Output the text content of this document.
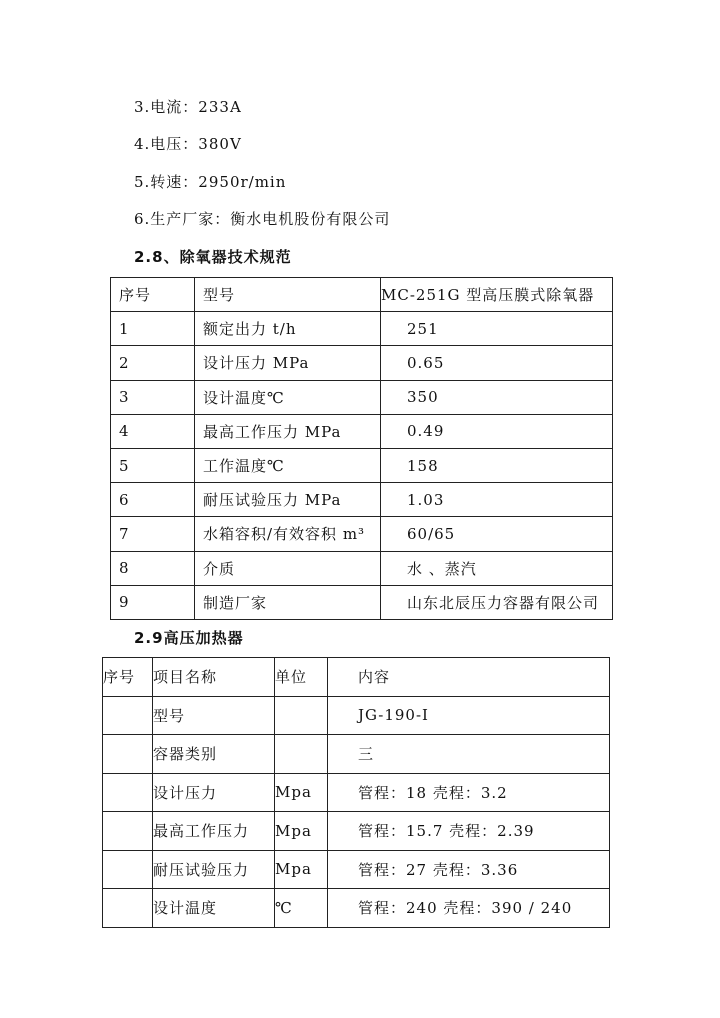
3.电流：233A
4.电压：380V
5.转速：2950r/min
6.生产厂家：衡水电机股份有限公司
2.8、除氧器技术规范
序号	型号	MC-251G 型高压膜式除氧器
1	额定出力 t/h	251
2	设计压力 MPa	0.65
3	设计温度℃	350
4	最高工作压力 MPa	0.49
5	工作温度℃	158
6	耐压试验压力 MPa	1.03
7	水箱容积/有效容积 m³	60/65
8	介质	水 、蒸汽
9	制造厂家	山东北辰压力容器有限公司
2.9高压加热器
序号	项目名称	单位	内容
	型号		JG-190-I
	容器类别		三
	设计压力	Mpa	管程：18 壳程：3.2
	最高工作压力	Mpa	管程：15.7 壳程：2.39
	耐压试验压力	Mpa	管程：27 壳程：3.36
	设计温度	℃	管程：240 壳程：390 / 240
